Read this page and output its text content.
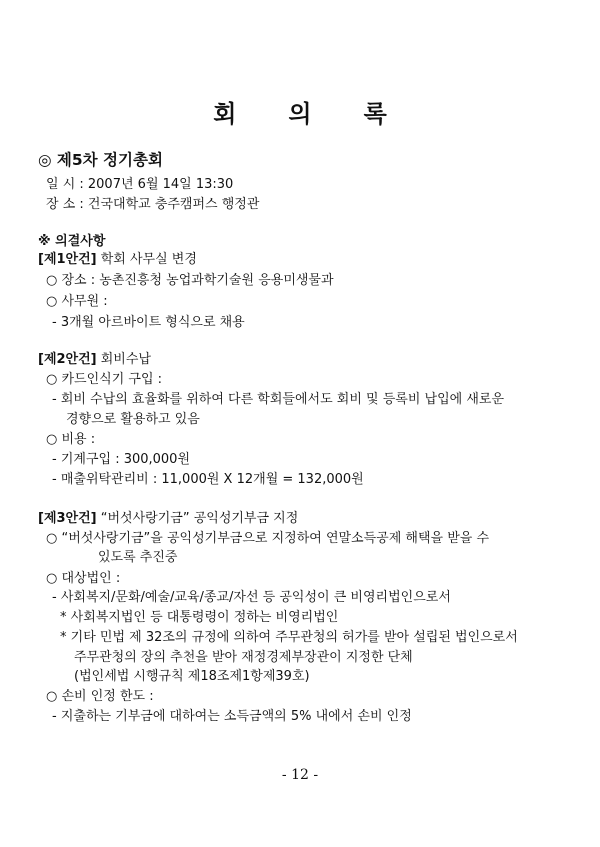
회 의 록
◎ 제5차 정기총회
일 시 : 2007년 6월 14일 13:30
장 소 : 건국대학교 충주캠퍼스 행정관
※ 의결사항
[제1안건] 학회 사무실 변경
○ 장소 : 농촌진흥청 농업과학기술원 응용미생물과
○ 사무원 :
- 3개월 아르바이트 형식으로 채용
[제2안건] 회비수납
○ 카드인식기 구입 :
- 회비 수납의 효율화를 위하여 다른 학회들에서도 회비 및 등록비 납입에 새로운
경향으로 활용하고 있음
○ 비용 :
- 기계구입 : 300,000원
- 매출위탁관리비 : 11,000원 X 12개월 = 132,000원
[제3안건] “버섯사랑기금” 공익성기부금 지정
○ “버섯사랑기금”을 공익성기부금으로 지정하여 연말소득공제 해택을 받을 수
있도록 추진중
○ 대상법인 :
- 사회복지/문화/예술/교육/종교/자선 등 공익성이 큰 비영리법인으로서
* 사회복지법인 등 대통령령이 정하는 비영리법인
* 기타 민법 제 32조의 규정에 의하여 주무관청의 허가를 받아 설립된 법인으로서
주무관청의 장의 추천을 받아 재정경제부장관이 지정한 단체
(법인세법 시행규칙 제18조제1항제39호)
○ 손비 인정 한도 :
- 지출하는 기부금에 대하여는 소득금액의 5% 내에서 손비 인정
- 12 -
